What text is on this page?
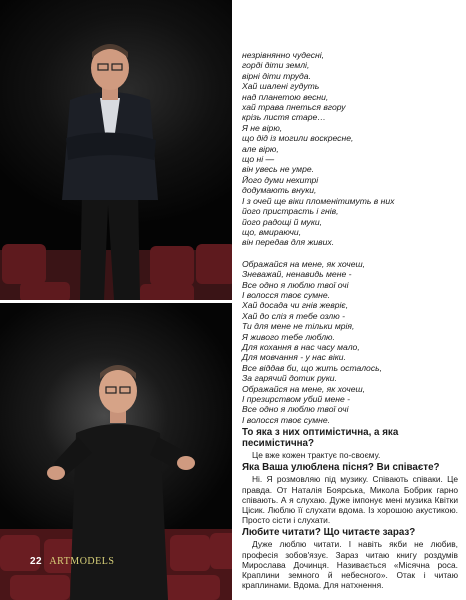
22 ARTMODELS

незрівнянно чудесні,
горді діти землі,
вірні діти труда.
Хай шалені гудуть
над планетою весни,
хай трава пнеться вгору
крізь листя старе…
Я не вірю,
що дід із могили воскресне,
але вірю,
що ні —
він увесь не умре.
Його думи нехитрі
додумають внуки,
І з очей ще віки пломенітимуть в них
його пристрасть і гнів,
його радощі й муки,
що, вмираючи,
він передав для живих.

Ображайся на мене, як хочеш,
Зневажай, ненавидь мене -
Все одно я люблю твої очі
І волосся твоє сумне.
Хай досада чи гнів жевріє,
Хай до сліз я тебе озлю -
Ти для мене не тільки мрія,
Я живого тебе люблю.
Для кохання в нас часу мало,
Для мовчання - у нас віки.
Все віддав би, що жить осталось,
За гарячий дотик руки.
Ображайся на мене, як хочеш,
І презирством убий мене -
Все одно я люблю твої очі
І волосся твоє сумне.

То яка з них оптимістична, а яка песимістична?

Це вже кожен трактує по-своєму.

Яка Ваша улюблена пісня? Ви співаєте?

Ні. Я розмовляю під музику. Співають співаки. Це правда. От Наталія Боярська, Микола Бобрик гарно співають. А я слухаю. Дуже імпонує мені музика Квітки Цісик. Люблю її слухати вдома. Із хорошою акустикою. Просто сісти і слухати.

Любите читати? Що читаєте зараз?

Дуже люблю читати. І навіть якби не любив, професія зобов'язує. Зараз читаю книгу роздумів Мирослава Дочинця. Називається «Місячна роса. Краплини земного й небесного». Отак і читаю краплинами. Вдома. Для натхнення.
